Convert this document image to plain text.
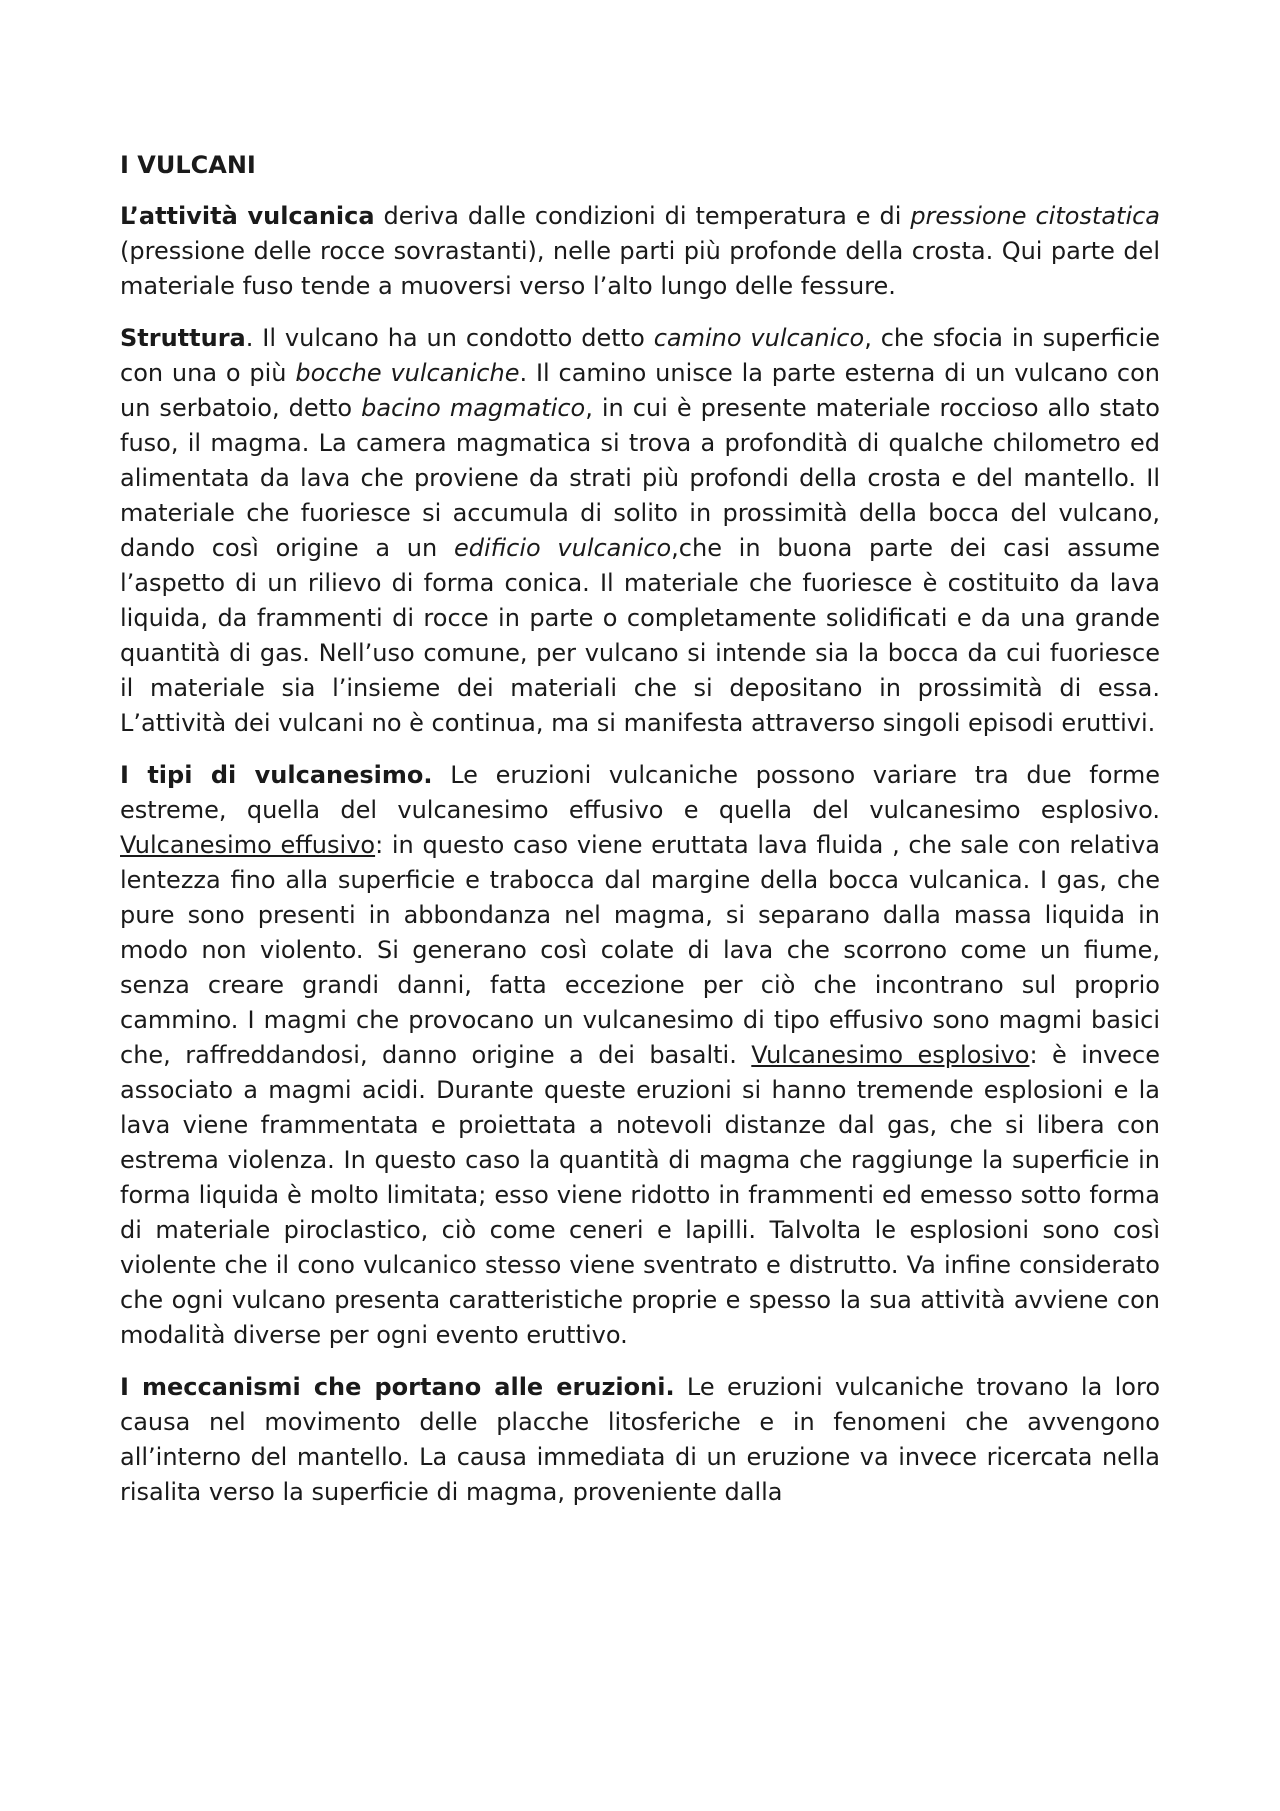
I VULCANI

L’attività vulcanica deriva dalle condizioni di temperatura e di pressione citostatica (pressione delle rocce sovrastanti), nelle parti più profonde della crosta. Qui parte del materiale fuso tende a muoversi verso l’alto lungo delle fessure.

Struttura. Il vulcano ha un condotto detto camino vulcanico, che sfocia in superficie con una o più bocche vulcaniche. Il camino unisce la parte esterna di un vulcano con un serbatoio, detto bacino magmatico, in cui è presente materiale roccioso allo stato fuso, il magma. La camera magmatica si trova a profondità di qualche chilometro ed alimentata da lava che proviene da strati più profondi della crosta e del mantello. Il materiale che fuoriesce si accumula di solito in prossimità della bocca del vulcano, dando così origine a un edificio vulcanico,che in buona parte dei casi assume l’aspetto di un rilievo di forma conica. Il materiale che fuoriesce è costituito da lava liquida, da frammenti di rocce in parte o completamente solidificati e da una grande quantità di gas. Nell’uso comune, per vulcano si intende sia la bocca da cui fuoriesce il materiale sia l’insieme dei materiali che si depositano in prossimità di essa. L’attività dei vulcani no è continua, ma si manifesta attraverso singoli episodi eruttivi.

I tipi di vulcanesimo. Le eruzioni vulcaniche possono variare tra due forme estreme, quella del vulcanesimo effusivo e quella del vulcanesimo esplosivo. Vulcanesimo effusivo: in questo caso viene eruttata lava fluida , che sale con relativa lentezza fino alla superficie e trabocca dal margine della bocca vulcanica. I gas, che pure sono presenti in abbondanza nel magma, si separano dalla massa liquida in modo non violento. Si generano così colate di lava che scorrono come un fiume, senza creare grandi danni, fatta eccezione per ciò che incontrano sul proprio cammino. I magmi che provocano un vulcanesimo di tipo effusivo sono magmi basici che, raffreddandosi, danno origine a dei basalti. Vulcanesimo esplosivo: è invece associato a magmi acidi. Durante queste eruzioni si hanno tremende esplosioni e la lava viene frammentata e proiettata a notevoli distanze dal gas, che si libera con estrema violenza. In questo caso la quantità di magma che raggiunge la superficie in forma liquida è molto limitata; esso viene ridotto in frammenti ed emesso sotto forma di materiale piroclastico, ciò come ceneri e lapilli. Talvolta le esplosioni sono così violente che il cono vulcanico stesso viene sventrato e distrutto. Va infine considerato che ogni vulcano presenta caratteristiche proprie e spesso la sua attività avviene con modalità diverse per ogni evento eruttivo.

I meccanismi che portano alle eruzioni. Le eruzioni vulcaniche trovano la loro causa nel movimento delle placche litosferiche e in fenomeni che avvengono all’interno del mantello. La causa immediata di un eruzione va invece ricercata nella risalita verso la superficie di magma, proveniente dalla
